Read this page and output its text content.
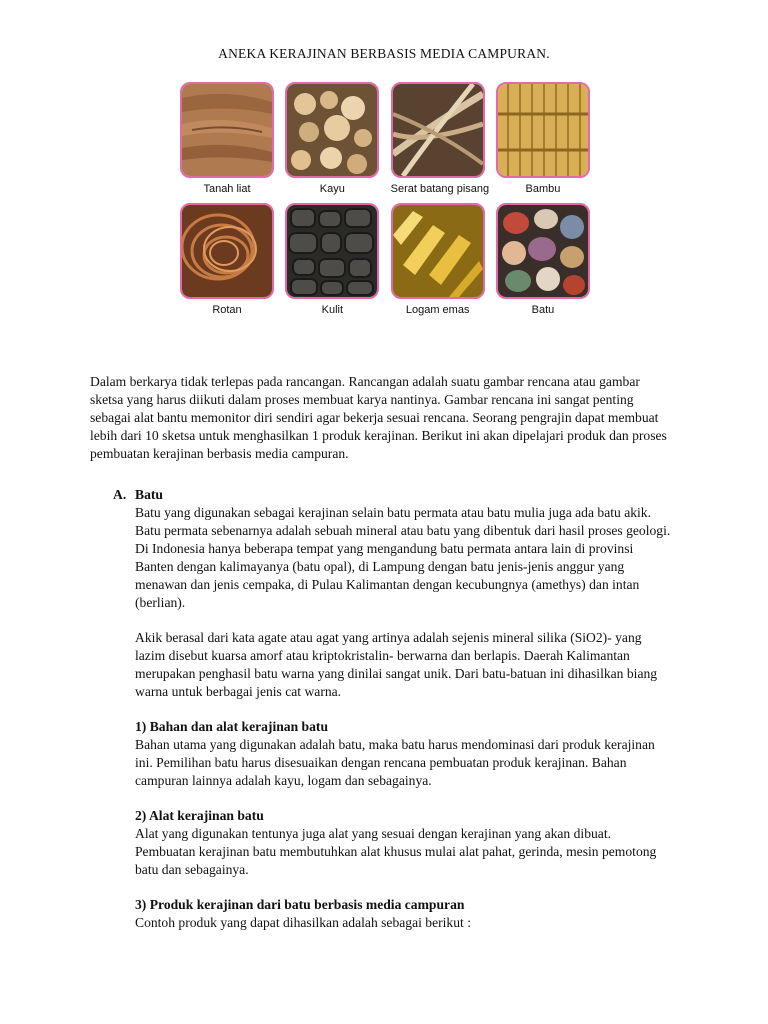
ANEKA KERAJINAN BERBASIS MEDIA CAMPURAN.
Tanah liat	Kayu	Serat batang pisang	Bambu
Rotan	Kulit	Logam emas	Batu

Dalam berkarya tidak terlepas pada rancangan. Rancangan adalah suatu gambar rencana atau gambar sketsa yang harus diikuti dalam proses membuat karya nantinya. Gambar rencana ini sangat penting sebagai alat bantu memonitor diri sendiri agar bekerja sesuai rencana. Seorang pengrajin dapat membuat lebih dari 10 sketsa untuk menghasilkan 1 produk kerajinan. Berikut ini akan dipelajari produk dan proses pembuatan kerajinan berbasis media campuran.

A. Batu

Batu yang digunakan sebagai kerajinan selain batu permata atau batu mulia juga ada batu akik. Batu permata sebenarnya adalah sebuah mineral atau batu yang dibentuk dari hasil proses geologi. Di Indonesia hanya beberapa tempat yang mengandung batu permata antara lain di provinsi Banten dengan kalimayanya (batu opal), di Lampung dengan batu jenis-jenis anggur yang menawan dan jenis cempaka, di Pulau Kalimantan dengan kecubungnya (amethys) dan intan (berlian).

Akik berasal dari kata agate atau agat yang artinya adalah sejenis mineral silika (SiO2)- yang lazim disebut kuarsa amorf atau kriptokristalin- berwarna dan berlapis. Daerah Kalimantan merupakan penghasil batu warna yang dinilai sangat unik. Dari batu-batuan ini dihasilkan biang warna untuk berbagai jenis cat warna.

1) Bahan dan alat kerajinan batu

Bahan utama yang digunakan adalah batu, maka batu harus mendominasi dari produk kerajinan ini. Pemilihan batu harus disesuaikan dengan rencana pembuatan produk kerajinan. Bahan campuran lainnya adalah kayu, logam dan sebagainya.

2) Alat kerajinan batu

Alat yang digunakan tentunya juga alat yang sesuai dengan kerajinan yang akan dibuat. Pembuatan kerajinan batu membutuhkan alat khusus mulai alat pahat, gerinda, mesin pemotong batu dan sebagainya.

3) Produk kerajinan dari batu berbasis media campuran

Contoh produk yang dapat dihasilkan adalah sebagai berikut :
